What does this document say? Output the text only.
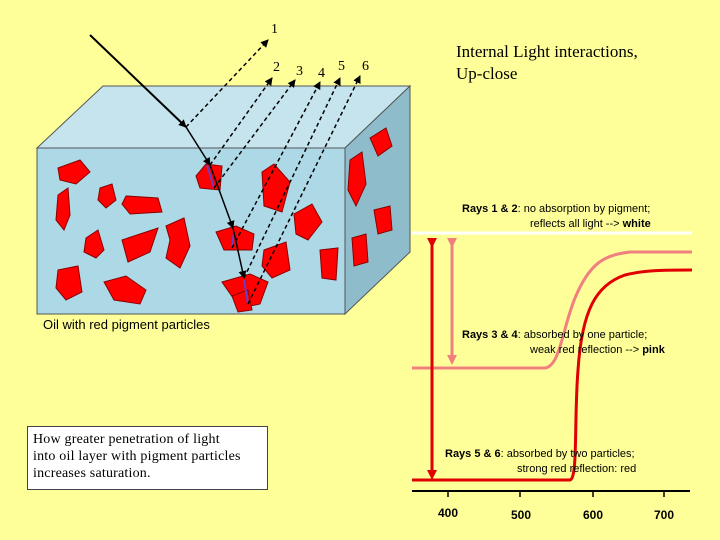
1
2 3 4 5 6
Internal Light interactions,
Up-close
Oil with red pigment particles
How greater penetration of light
into oil layer with pigment particles
increases saturation.
Rays 1 & 2: no absorption by pigment;
reflects all light --> white
Rays 3 & 4: absorbed by one particle;
weak red reflection --> pink
Rays 5 & 6: absorbed by two particles;
strong red reflection: red
400	500	600	700
